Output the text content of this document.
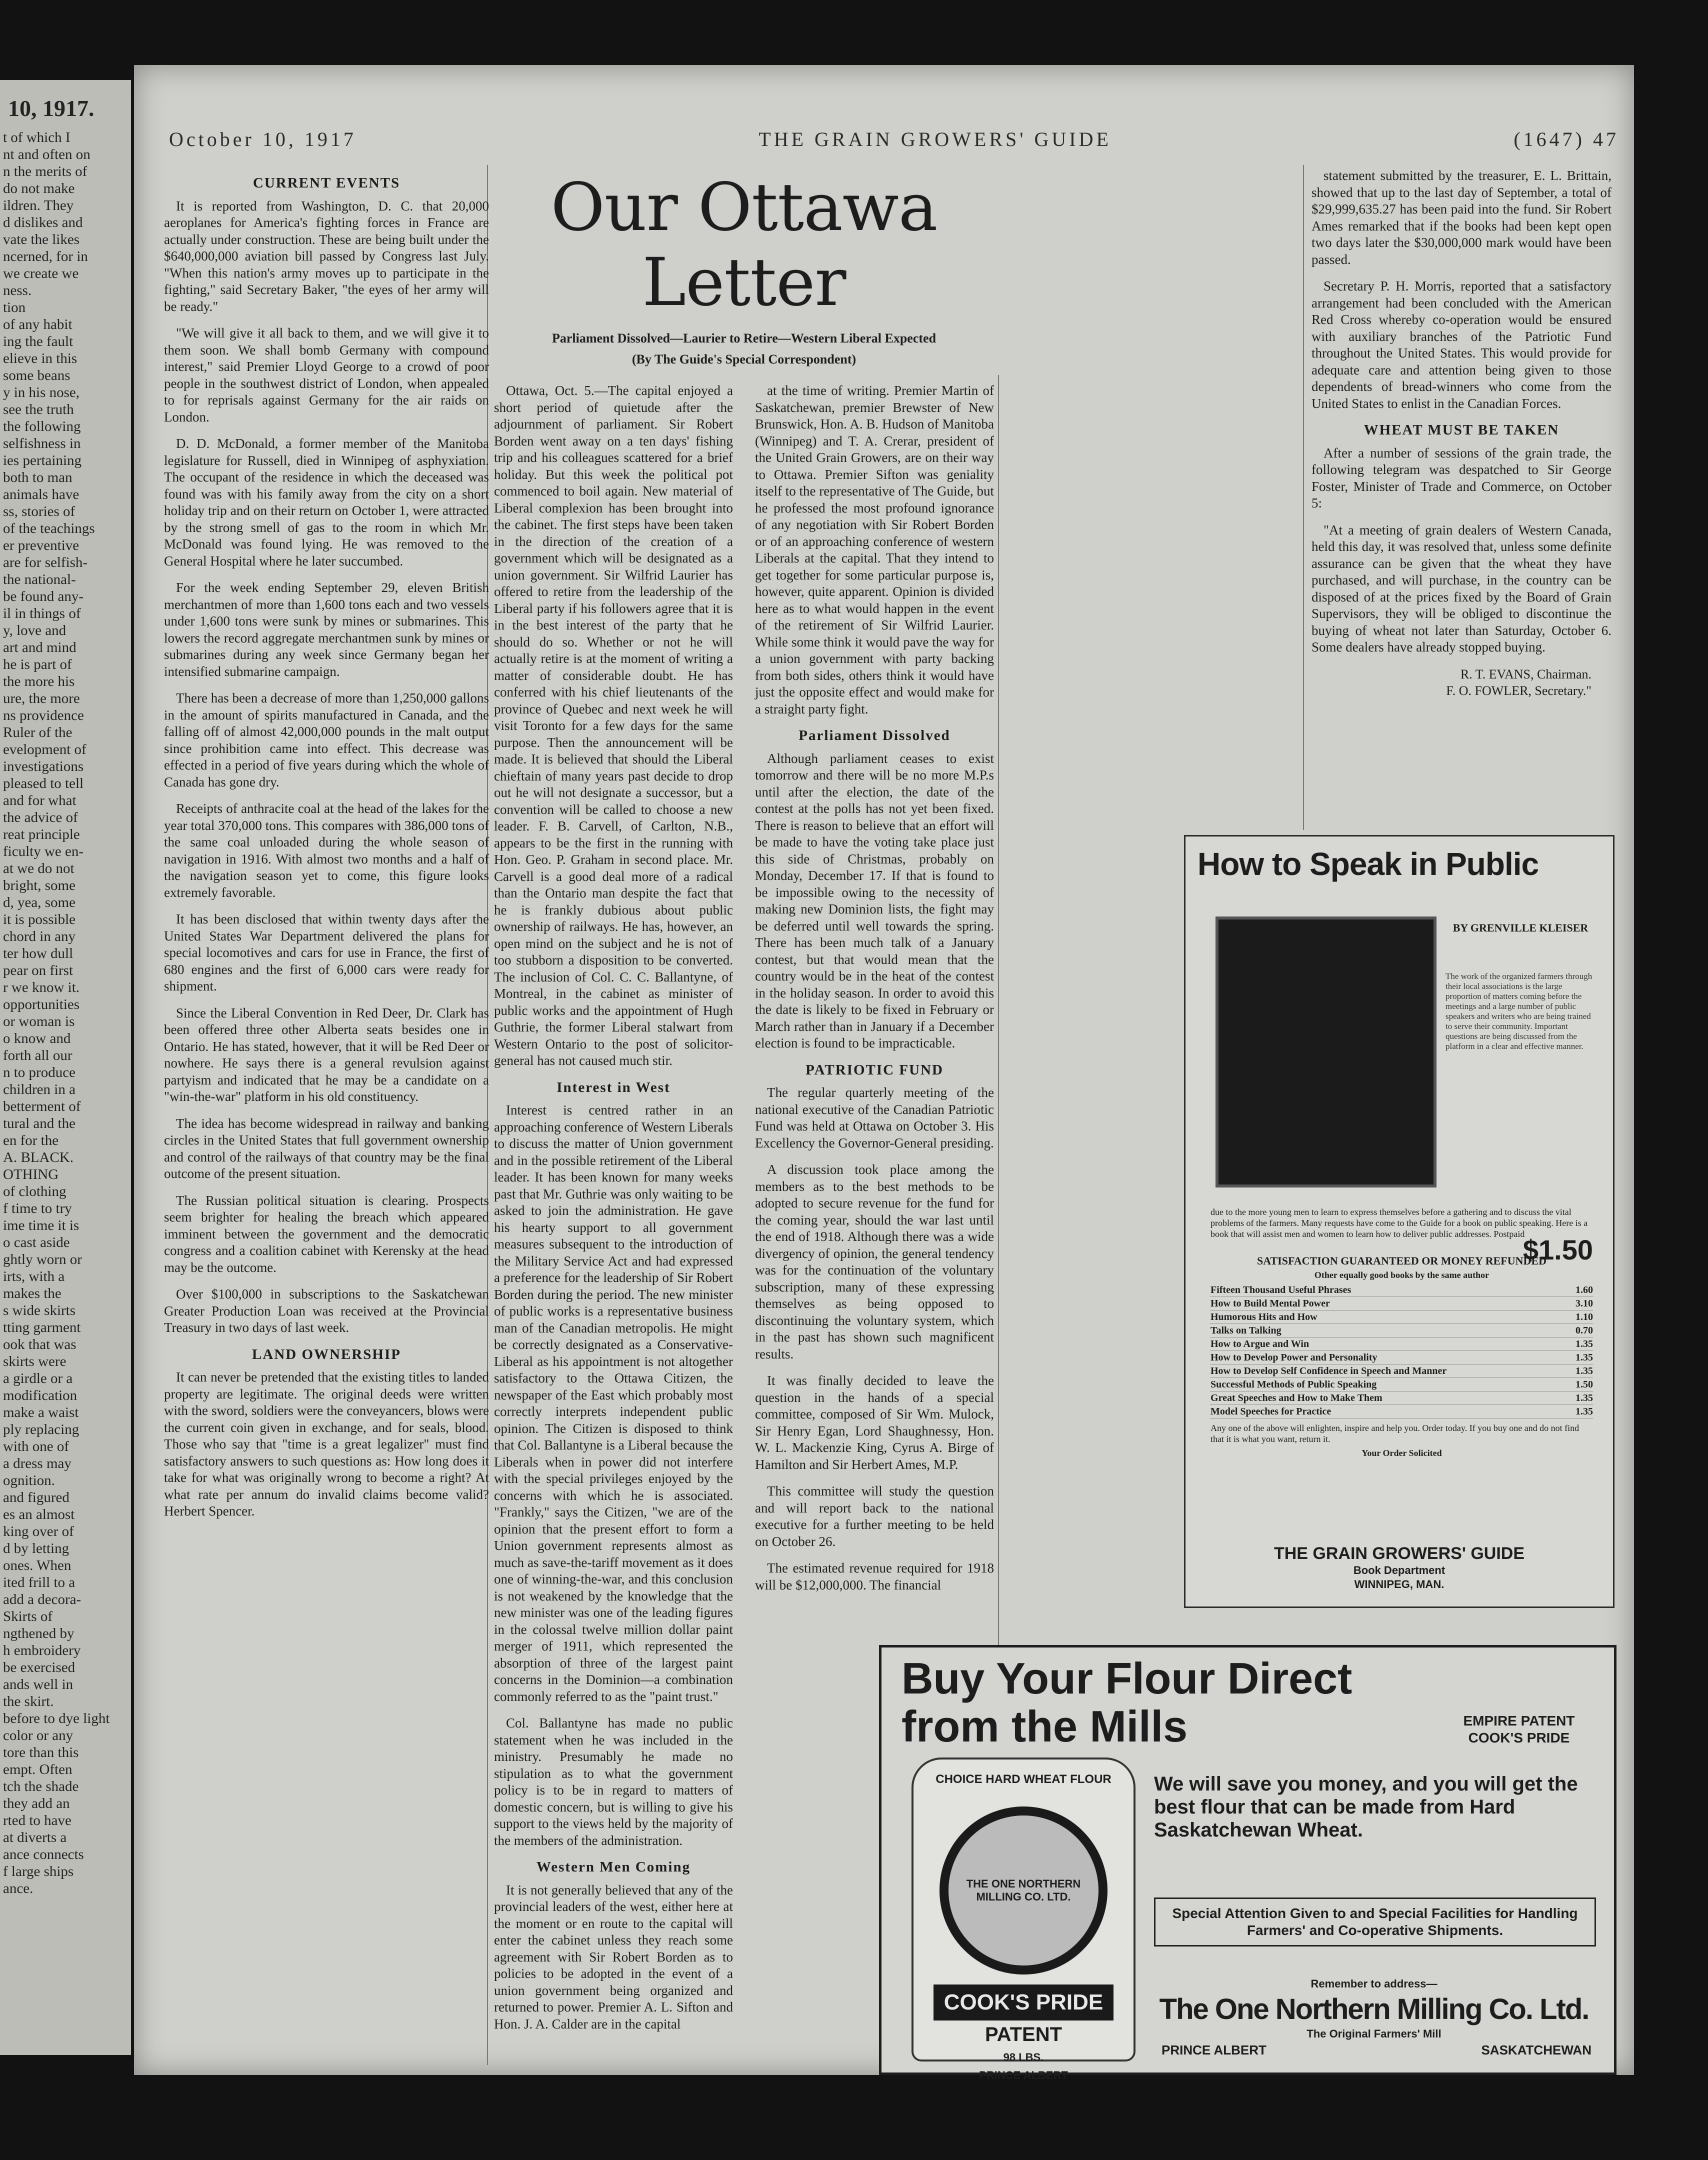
10, 1917.
t of which I
nt and often on
n the merits of
do not make
ildren. They
d dislikes and
vate the likes
ncerned, for in
we create we
ness.
tion
of any habit
ing the fault
elieve in this
some beans
y in his nose,
see the truth
the following
selfishness in
ies pertaining
both to man
animals have
ss, stories of
of the teachings
er preventive
are for selfish-
the national-
be found any-
il in things of
y, love and
art and mind
he is part of
the more his
ure, the more
ns providence
Ruler of the
evelopment of
investigations
pleased to tell
and for what
the advice of
reat principle
ficulty we en-
at we do not
bright, some
d, yea, some
it is possible
chord in any
ter how dull
pear on first
r we know it.
opportunities
or woman is
o know and
forth all our
n to produce
children in a
betterment of
tural and the
en for the
A. BLACK.
OTHING
of clothing
f time to try
ime time it is
o cast aside
ghtly worn or
irts, with a
makes the
s wide skirts
tting garment
ook that was
skirts were
a girdle or a
modification
make a waist
ply replacing
with one of
a dress may
ognition.
and figured
es an almost
king over of
d by letting
ones. When
ited frill to a
add a decora-
Skirts of
ngthened by
h embroidery
be exercised
ands well in
the skirt.
before to dye light
color or any
tore than this
empt. Often
tch the shade
they add an
rted to have
at diverts a
ance connects
f large ships
ance.
October 10, 1917	THE GRAIN GROWERS' GUIDE	(1647) 47
CURRENT EVENTS

It is reported from Washington, D. C. that 20,000 aeroplanes for America's fighting forces in France are actually under construction. These are being built under the $640,000,000 aviation bill passed by Congress last July. "When this nation's army moves up to participate in the fighting," said Secretary Baker, "the eyes of her army will be ready."

"We will give it all back to them, and we will give it to them soon. We shall bomb Germany with compound interest," said Premier Lloyd George to a crowd of poor people in the southwest district of London, when appealed to for reprisals against Germany for the air raids on London.

D. D. McDonald, a former member of the Manitoba legislature for Russell, died in Winnipeg of asphyxiation. The occupant of the residence in which the deceased was found was with his family away from the city on a short holiday trip and on their return on October 1, were attracted by the strong smell of gas to the room in which Mr. McDonald was found lying. He was removed to the General Hospital where he later succumbed.

For the week ending September 29, eleven British merchantmen of more than 1,600 tons each and two vessels under 1,600 tons were sunk by mines or submarines. This lowers the record aggregate merchantmen sunk by mines or submarines during any week since Germany began her intensified submarine campaign.

There has been a decrease of more than 1,250,000 gallons in the amount of spirits manufactured in Canada, and the falling off of almost 42,000,000 pounds in the malt output since prohibition came into effect. This decrease was effected in a period of five years during which the whole of Canada has gone dry.

Receipts of anthracite coal at the head of the lakes for the year total 370,000 tons. This compares with 386,000 tons of the same coal unloaded during the whole season of navigation in 1916. With almost two months and a half of the navigation season yet to come, this figure looks extremely favorable.

It has been disclosed that within twenty days after the United States War Department delivered the plans for special locomotives and cars for use in France, the first of 680 engines and the first of 6,000 cars were ready for shipment.

Since the Liberal Convention in Red Deer, Dr. Clark has been offered three other Alberta seats besides one in Ontario. He has stated, however, that it will be Red Deer or nowhere. He says there is a general revulsion against partyism and indicated that he may be a candidate on a "win-the-war" platform in his old constituency.

The idea has become widespread in railway and banking circles in the United States that full government ownership and control of the railways of that country may be the final outcome of the present situation.

The Russian political situation is clearing. Prospects seem brighter for healing the breach which appeared imminent between the government and the democratic congress and a coalition cabinet with Kerensky at the head may be the outcome.

Over $100,000 in subscriptions to the Saskatchewan Greater Production Loan was received at the Provincial Treasury in two days of last week.

LAND OWNERSHIP

It can never be pretended that the existing titles to landed property are legitimate. The original deeds were written with the sword, soldiers were the conveyancers, blows were the current coin given in exchange, and for seals, blood. Those who say that "time is a great legalizer" must find satisfactory answers to such questions as: How long does it take for what was originally wrong to become a right? At what rate per annum do invalid claims become valid? Herbert Spencer.

Our Ottawa Letter
Parliament Dissolved—Laurier to Retire—Western Liberal Expected
(By The Guide's Special Correspondent)

Ottawa, Oct. 5.—The capital enjoyed a short period of quietude after the adjournment of parliament. Sir Robert Borden went away on a ten days' fishing trip and his colleagues scattered for a brief holiday. But this week the political pot commenced to boil again. New material of Liberal complexion has been brought into the cabinet. The first steps have been taken in the direction of the creation of a government which will be designated as a union government. Sir Wilfrid Laurier has offered to retire from the leadership of the Liberal party if his followers agree that it is in the best interest of the party that he should do so. Whether or not he will actually retire is at the moment of writing a matter of considerable doubt. He has conferred with his chief lieutenants of the province of Quebec and next week he will visit Toronto for a few days for the same purpose. Then the announcement will be made. It is believed that should the Liberal chieftain of many years past decide to drop out he will not designate a successor, but a convention will be called to choose a new leader. F. B. Carvell, of Carlton, N.B., appears to be the first in the running with Hon. Geo. P. Graham in second place. Mr. Carvell is a good deal more of a radical than the Ontario man despite the fact that he is frankly dubious about public ownership of railways. He has, however, an open mind on the subject and he is not of too stubborn a disposition to be converted. The inclusion of Col. C. C. Ballantyne, of Montreal, in the cabinet as minister of public works and the appointment of Hugh Guthrie, the former Liberal stalwart from Western Ontario to the post of solicitor-general has not caused much stir.

Interest in West

Interest is centred rather in an approaching conference of Western Liberals to discuss the matter of Union government and in the possible retirement of the Liberal leader. It has been known for many weeks past that Mr. Guthrie was only waiting to be asked to join the administration. He gave his hearty support to all government measures subsequent to the introduction of the Military Service Act and had expressed a preference for the leadership of Sir Robert Borden during the period. The new minister of public works is a representative business man of the Canadian metropolis. He might be correctly designated as a Conservative-Liberal as his appointment is not altogether satisfactory to the Ottawa Citizen, the newspaper of the East which probably most correctly interprets independent public opinion. The Citizen is disposed to think that Col. Ballantyne is a Liberal because the Liberals when in power did not interfere with the special privileges enjoyed by the concerns with which he is associated. "Frankly," says the Citizen, "we are of the opinion that the present effort to form a Union government represents almost as much as save-the-tariff movement as it does one of winning-the-war, and this conclusion is not weakened by the knowledge that the new minister was one of the leading figures in the colossal twelve million dollar paint merger of 1911, which represented the absorption of three of the largest paint concerns in the Dominion—a combination commonly referred to as the "paint trust."

Col. Ballantyne has made no public statement when he was included in the ministry. Presumably he made no stipulation as to what the government policy is to be in regard to matters of domestic concern, but is willing to give his support to the views held by the majority of the members of the administration.

Western Men Coming

It is not generally believed that any of the provincial leaders of the west, either here at the moment or en route to the capital will enter the cabinet unless they reach some agreement with Sir Robert Borden as to policies to be adopted in the event of a union government being organized and returned to power. Premier A. L. Sifton and Hon. J. A. Calder are in the capital

at the time of writing. Premier Martin of Saskatchewan, premier Brewster of New Brunswick, Hon. A. B. Hudson of Manitoba (Winnipeg) and T. A. Crerar, president of the United Grain Growers, are on their way to Ottawa. Premier Sifton was geniality itself to the representative of The Guide, but he professed the most profound ignorance of any negotiation with Sir Robert Borden or of an approaching conference of western Liberals at the capital. That they intend to get together for some particular purpose is, however, quite apparent. Opinion is divided here as to what would happen in the event of the retirement of Sir Wilfrid Laurier. While some think it would pave the way for a union government with party backing from both sides, others think it would have just the opposite effect and would make for a straight party fight.

Parliament Dissolved

Although parliament ceases to exist tomorrow and there will be no more M.P.s until after the election, the date of the contest at the polls has not yet been fixed. There is reason to believe that an effort will be made to have the voting take place just this side of Christmas, probably on Monday, December 17. If that is found to be impossible owing to the necessity of making new Dominion lists, the fight may be deferred until well towards the spring. There has been much talk of a January contest, but that would mean that the country would be in the heat of the contest in the holiday season. In order to avoid this the date is likely to be fixed in February or March rather than in January if a December election is found to be impracticable.

PATRIOTIC FUND

The regular quarterly meeting of the national executive of the Canadian Patriotic Fund was held at Ottawa on October 3. His Excellency the Governor-General presiding.

A discussion took place among the members as to the best methods to be adopted to secure revenue for the fund for the coming year, should the war last until the end of 1918. Although there was a wide divergency of opinion, the general tendency was for the continuation of the voluntary subscription, many of these expressing themselves as being opposed to discontinuing the voluntary system, which in the past has shown such magnificent results.

It was finally decided to leave the question in the hands of a special committee, composed of Sir Wm. Mulock, Sir Henry Egan, Lord Shaughnessy, Hon. W. L. Mackenzie King, Cyrus A. Birge of Hamilton and Sir Herbert Ames, M.P.

This committee will study the question and will report back to the national executive for a further meeting to be held on October 26.

The estimated revenue required for 1918 will be $12,000,000. The financial

statement submitted by the treasurer, E. L. Brittain, showed that up to the last day of September, a total of $29,999,635.27 has been paid into the fund. Sir Robert Ames remarked that if the books had been kept open two days later the $30,000,000 mark would have been passed.

Secretary P. H. Morris, reported that a satisfactory arrangement had been concluded with the American Red Cross whereby co-operation would be ensured with auxiliary branches of the Patriotic Fund throughout the United States. This would provide for adequate care and attention being given to those dependents of bread-winners who come from the United States to enlist in the Canadian Forces.

WHEAT MUST BE TAKEN

After a number of sessions of the grain trade, the following telegram was despatched to Sir George Foster, Minister of Trade and Commerce, on October 5:

"At a meeting of grain dealers of Western Canada, held this day, it was resolved that, unless some definite assurance can be given that the wheat they have purchased, and will purchase, in the country can be disposed of at the prices fixed by the Board of Grain Supervisors, they will be obliged to discontinue the buying of wheat not later than Saturday, October 6. Some dealers have already stopped buying.

R. T. EVANS, Chairman.

F. O. FOWLER, Secretary."

How to Speak in Public
BY GRENVILLE KLEISER
The work of the organized farmers through their local associations is the large proportion of matters coming before the meetings and a large number of public speakers and writers who are being trained to serve their community. Important questions are being discussed from the platform in a clear and effective manner.
due to the more young men to learn to express themselves before a gathering and to discuss the vital problems of the farmers. Many requests have come to the Guide for a book on public speaking. Here is a book that will assist men and women to learn how to deliver public addresses. Postpaid
$1.50
SATISFACTION GUARANTEED OR MONEY REFUNDED
Other equally good books by the same author
Fifteen Thousand Useful Phrases	1.60
How to Build Mental Power	3.10
Humorous Hits and How	1.10
Talks on Talking	0.70
How to Argue and Win	1.35
How to Develop Power and Personality	1.35
How to Develop Self Confidence in Speech and Manner	1.35
Successful Methods of Public Speaking	1.50
Great Speeches and How to Make Them	1.35
Model Speeches for Practice	1.35
Any one of the above will enlighten, inspire and help you. Order today. If you buy one and do not find that it is what you want, return it.
Your Order Solicited
THE GRAIN GROWERS' GUIDE
Book Department
WINNIPEG, MAN.
Buy Your Flour Direct
from the Mills	EMPIRE PATENT
COOK'S PRIDE
CHOICE HARD WHEAT FLOUR
THE ONE NORTHERN MILLING CO. LTD.
COOK'S PRIDE
PATENT
98 LBS.
PRINCE ALBERT
We will save you money, and you will get the best flour that can be made from Hard Saskatchewan Wheat.
Special Attention Given to and Special Facilities for Handling Farmers' and Co-operative Shipments.
Remember to address—
The One Northern Milling Co. Ltd.
The Original Farmers' Mill
PRINCE ALBERT	SASKATCHEWAN
